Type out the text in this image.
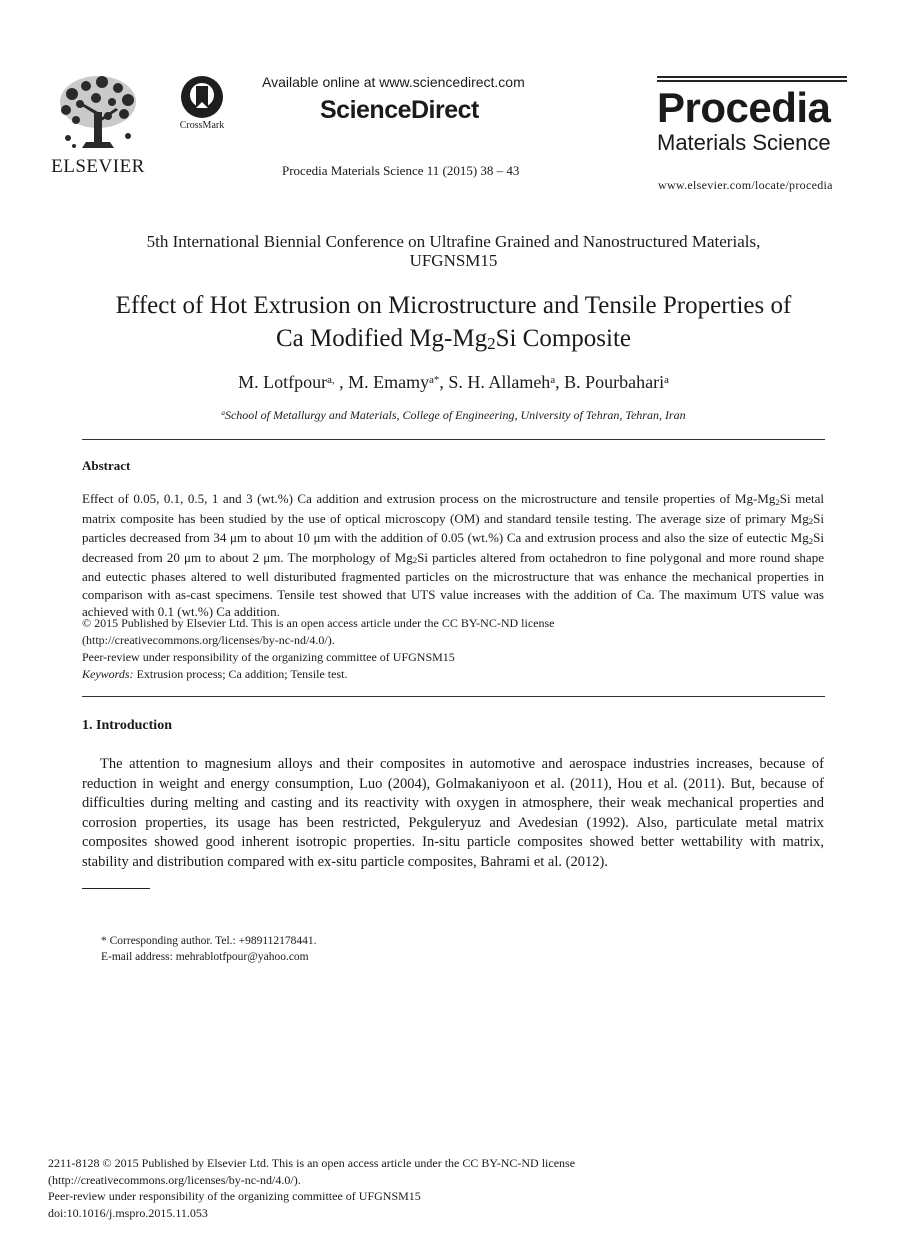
ELSEVIER
CrossMark
Available online at www.sciencedirect.com
ScienceDirect
Procedia Materials Science 11 (2015) 38 – 43
Procedia
Materials Science
www.elsevier.com/locate/procedia
5th International Biennial Conference on Ultrafine Grained and Nanostructured Materials,
UFGNSM15
Effect of Hot Extrusion on Microstructure and Tensile Properties of
Ca Modified $Mg-Mg_2Si$ Composite
M. Lotfpour$^{a,}$ , M. Emamy$^{a*}$, S. H. Allameh$^a$, B. Pourbahari$^a$
$^a$School of Metallurgy and Materials, College of Engineering, University of Tehran, Tehran, Iran
Abstract
Effect of 0.05, 0.1, 0.5, 1 and 3 (wt.%) Ca addition and extrusion process on the microstructure and tensile properties of $Mg-Mg_2Si$ metal matrix composite has been studied by the use of optical microscopy (OM) and standard tensile testing. The average size of primary $Mg_2Si$ particles decreased from 34 μm to about 10 μm with the addition of 0.05 (wt.%) Ca and extrusion process and also the size of eutectic $Mg_2Si$ decreased from 20 μm to about 2 μm. The morphology of $Mg_2Si$ particles altered from octahedron to fine polygonal and more round shape and eutectic phases altered to well distuributed fragmented particles on the microstructure that was enhance the mechanical properties in comparison with as-cast specimens. Tensile test showed that UTS value increases with the addition of Ca. The maximum UTS value was achieved with 0.1 (wt.%) Ca addition.
© 2015 Published by Elsevier Ltd. This is an open access article under the CC BY-NC-ND license
(http://creativecommons.org/licenses/by-nc-nd/4.0/).
Peer-review under responsibility of the organizing committee of UFGNSM15
Keywords: Extrusion process; Ca addition; Tensile test.
1. Introduction
The attention to magnesium alloys and their composites in automotive and aerospace industries increases, because of reduction in weight and energy consumption, Luo (2004), Golmakaniyoon et al. (2011), Hou et al. (2011). But, because of difficulties during melting and casting and its reactivity with oxygen in atmosphere, their weak mechanical properties and corrosion properties, its usage has been restricted, Pekguleryuz and Avedesian (1992). Also, particulate metal matrix composites showed good inherent isotropic properties. In-situ particle composites showed better wettability with matrix, stability and distribution compared with ex-situ particle composites, Bahrami et al. (2012).
* Corresponding author. Tel.: +989112178441.
E-mail address: mehrablotfpour@yahoo.com
2211-8128 © 2015 Published by Elsevier Ltd. This is an open access article under the CC BY-NC-ND license
(http://creativecommons.org/licenses/by-nc-nd/4.0/).
Peer-review under responsibility of the organizing committee of UFGNSM15
doi:10.1016/j.mspro.2015.11.053
